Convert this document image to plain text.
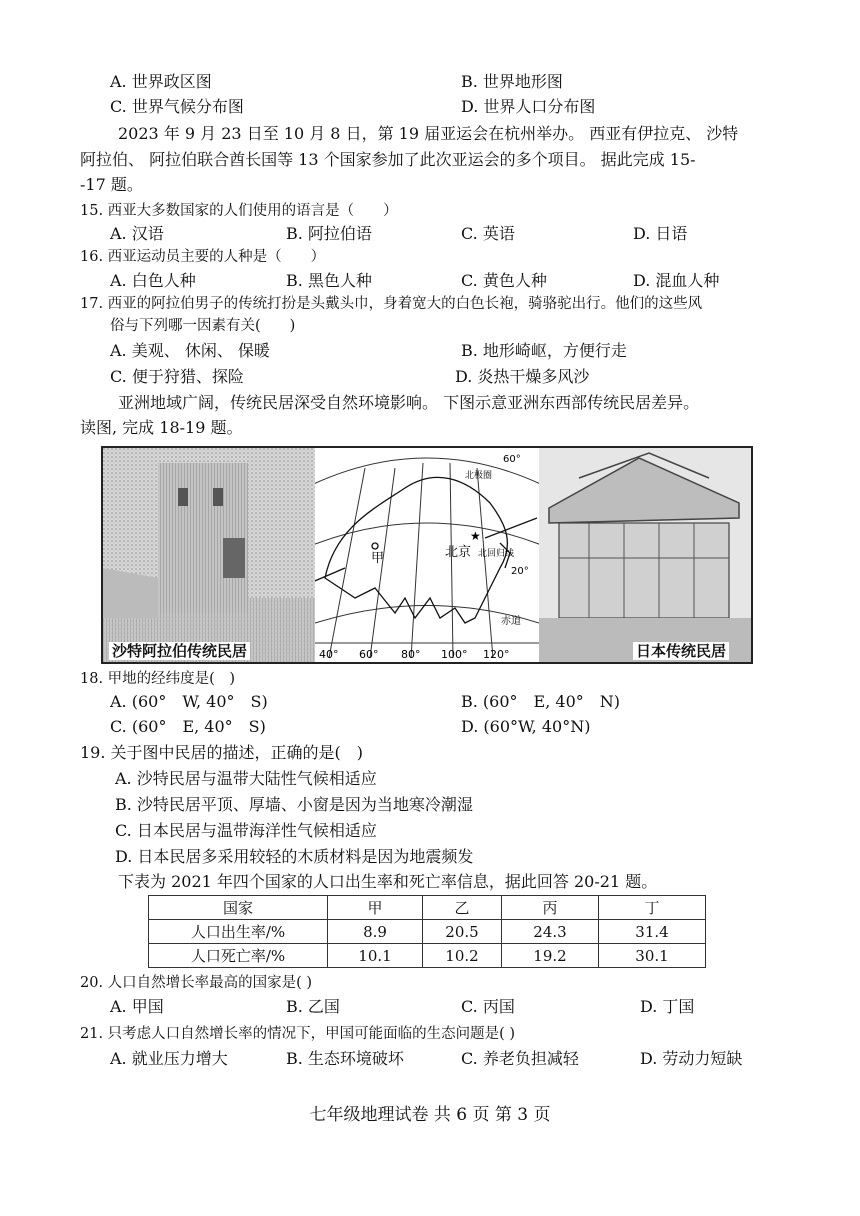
A. 世界政区图	B. 世界地形图
C. 世界气候分布图	D. 世界人口分布图
2023 年 9 月 23 日至 10 月 8 日，第 19 届亚运会在杭州举办。 西亚有伊拉克、 沙特
阿拉伯、 阿拉伯联合酋长国等 13 个国家参加了此次亚运会的多个项目。 据此完成 15-
-17 题。
15. 西亚大多数国家的人们使用的语言是（　　）
A. 汉语	B. 阿拉伯语	C. 英语	D. 日语
16. 西亚运动员主要的人种是（　　）
A. 白色人种	B. 黑色人种	C. 黄色人种	D. 混血人种
17. 西亚的阿拉伯男子的传统打扮是头戴头巾，身着宽大的白色长袍，骑骆驼出行。他们的这些风
俗与下列哪一因素有关(　　)
A. 美观、 休闲、 保暖	B. 地形崎岖，方便行走
C. 便于狩猎、探险	D. 炎热干燥多风沙
亚洲地域广阔，传统民居深受自然环境影响。 下图示意亚洲东西部传统民居差异。
读图, 完成 18-19 题。
★
甲	北京
北极圈
60°
北回归线
20°
赤道
40° 60° 80° 100° 120°
沙特阿拉伯传统民居	日本传统民居
18. 甲地的经纬度是(　)
A. (60°　W, 40°　S)	B. (60°　E, 40°　N)
C. (60°　E, 40°　S)	D. (60°W, 40°N)
19. 关于图中民居的描述，正确的是(　)
A. 沙特民居与温带大陆性气候相适应
B. 沙特民居平顶、厚墙、小窗是因为当地寒冷潮湿
C. 日本民居与温带海洋性气候相适应
D. 日本民居多采用较轻的木质材料是因为地震频发
下表为 2021 年四个国家的人口出生率和死亡率信息，据此回答 20-21 题。
国家	甲	乙	丙	丁
人口出生率/%	8.9	20.5	24.3	31.4
人口死亡率/%	10.1	10.2	19.2	30.1
20. 人口自然增长率最高的国家是( )
A. 甲国	B. 乙国	C. 丙国	D. 丁国
21. 只考虑人口自然增长率的情况下，甲国可能面临的生态问题是( )
A. 就业压力增大	B. 生态环境破坏	C. 养老负担减轻	D. 劳动力短缺
七年级地理试卷 共 6 页 第 3 页
